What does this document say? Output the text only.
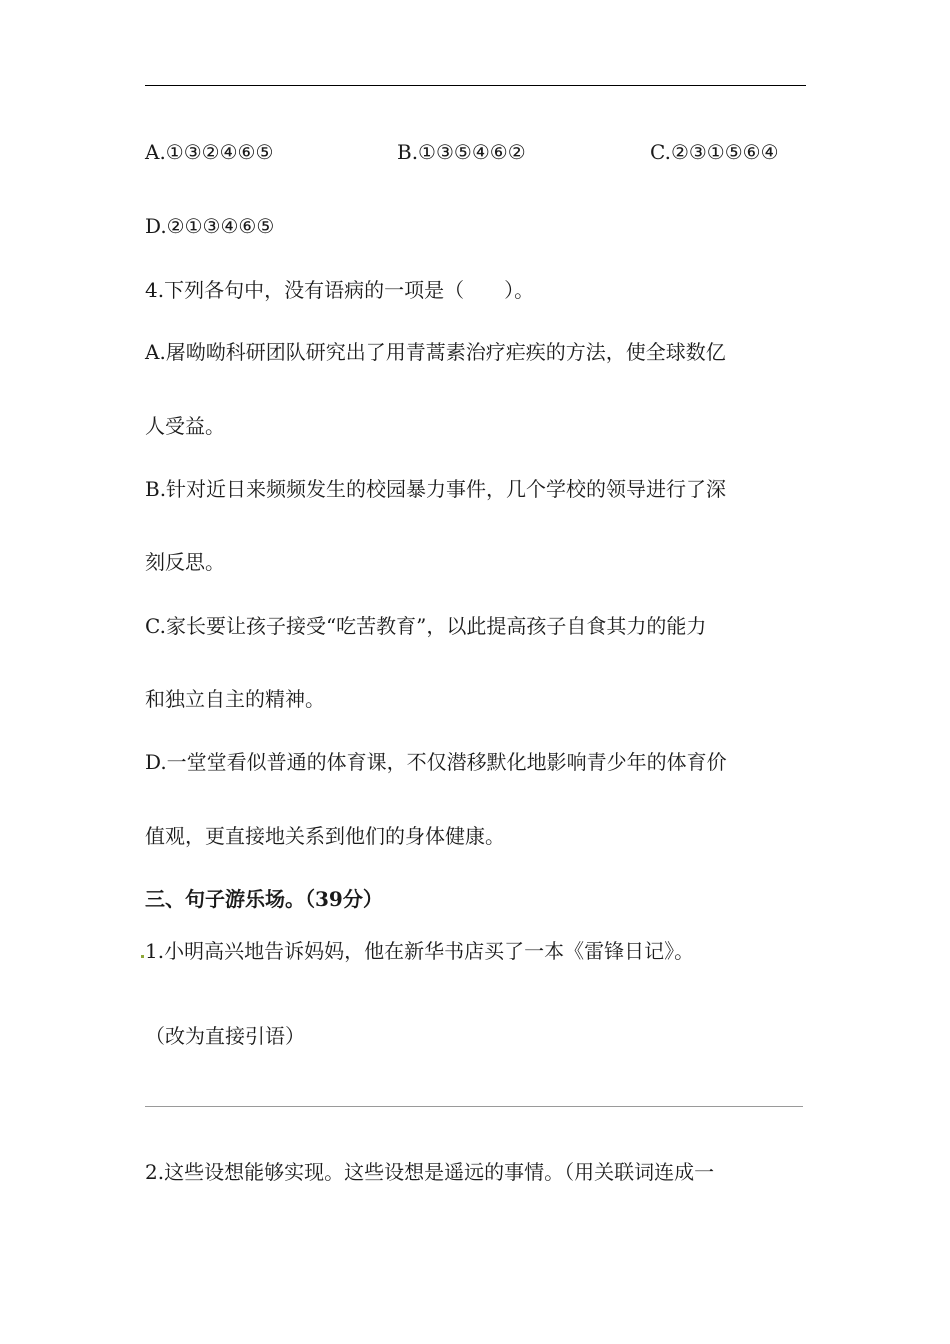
A.①③②④⑥⑤	B.①③⑤④⑥②	C.②③①⑤⑥④
D.②①③④⑥⑤
4.下列各句中，没有语病的一项是（　　）。
A.屠呦呦科研团队研究出了用青蒿素治疗疟疾的方法，使全球数亿
人受益。
B.针对近日来频频发生的校园暴力事件，几个学校的领导进行了深
刻反思。
C.家长要让孩子接受“吃苦教育”，以此提高孩子自食其力的能力
和独立自主的精神。
D.一堂堂看似普通的体育课，不仅潜移默化地影响青少年的体育价
值观，更直接地关系到他们的身体健康。
三、句子游乐场。（39分）
1.小明高兴地告诉妈妈，他在新华书店买了一本《雷锋日记》。
（改为直接引语）
2.这些设想能够实现。这些设想是遥远的事情。（用关联词连成一
